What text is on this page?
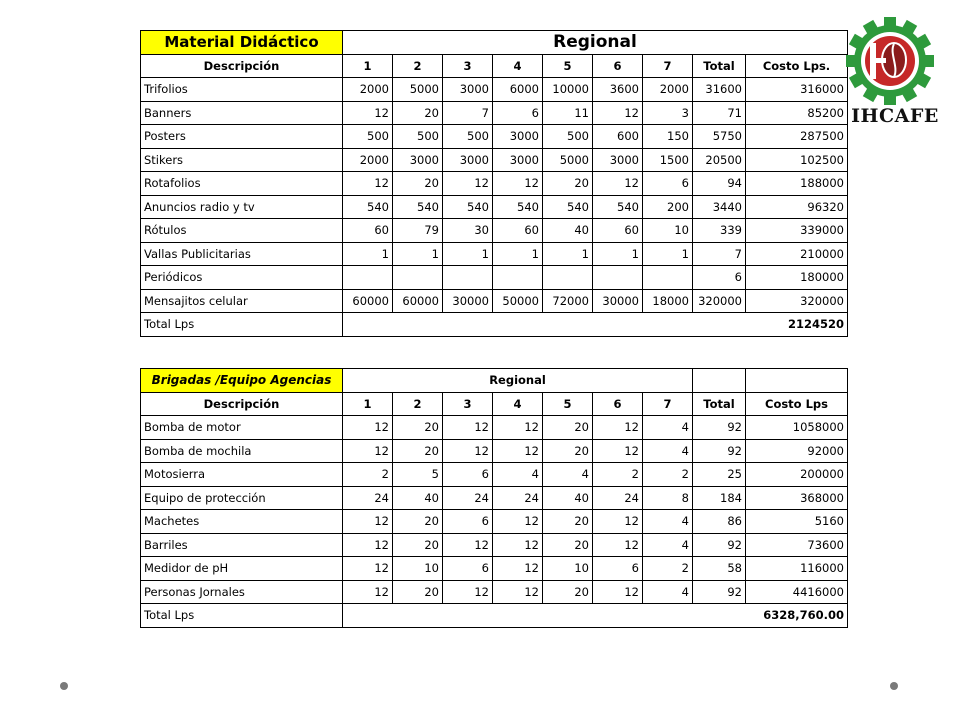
Material Didáctico	Regional								
Descripción	1	2	3	4	5	6	7	Total	Costo Lps.
Trifolios	2000	5000	3000	6000	10000	3600	2000	31600	316000
Banners	12	20	7	6	11	12	3	71	85200
Posters	500	500	500	3000	500	600	150	5750	287500
Stikers	2000	3000	3000	3000	5000	3000	1500	20500	102500
Rotafolios	12	20	12	12	20	12	6	94	188000
Anuncios radio y tv	540	540	540	540	540	540	200	3440	96320
Rótulos	60	79	30	60	40	60	10	339	339000
Vallas Publicitarias	1	1	1	1	1	1	1	7	210000
Periódicos								6	180000
Mensajitos celular	60000	60000	30000	50000	72000	30000	18000	320000	320000
Total Lps	2124520								
Brigadas /Equipo Agencias	Regional								
Descripción	1	2	3	4	5	6	7	Total	Costo Lps
Bomba de motor	12	20	12	12	20	12	4	92	1058000
Bomba de mochila	12	20	12	12	20	12	4	92	92000
Motosierra	2	5	6	4	4	2	2	25	200000
Equipo de protección	24	40	24	24	40	24	8	184	368000
Machetes	12	20	6	12	20	12	4	86	5160
Barriles	12	20	12	12	20	12	4	92	73600
Medidor de pH	12	10	6	12	10	6	2	58	116000
Personas Jornales	12	20	12	12	20	12	4	92	4416000
Total Lps	6328,760.00								
IHCAFE
